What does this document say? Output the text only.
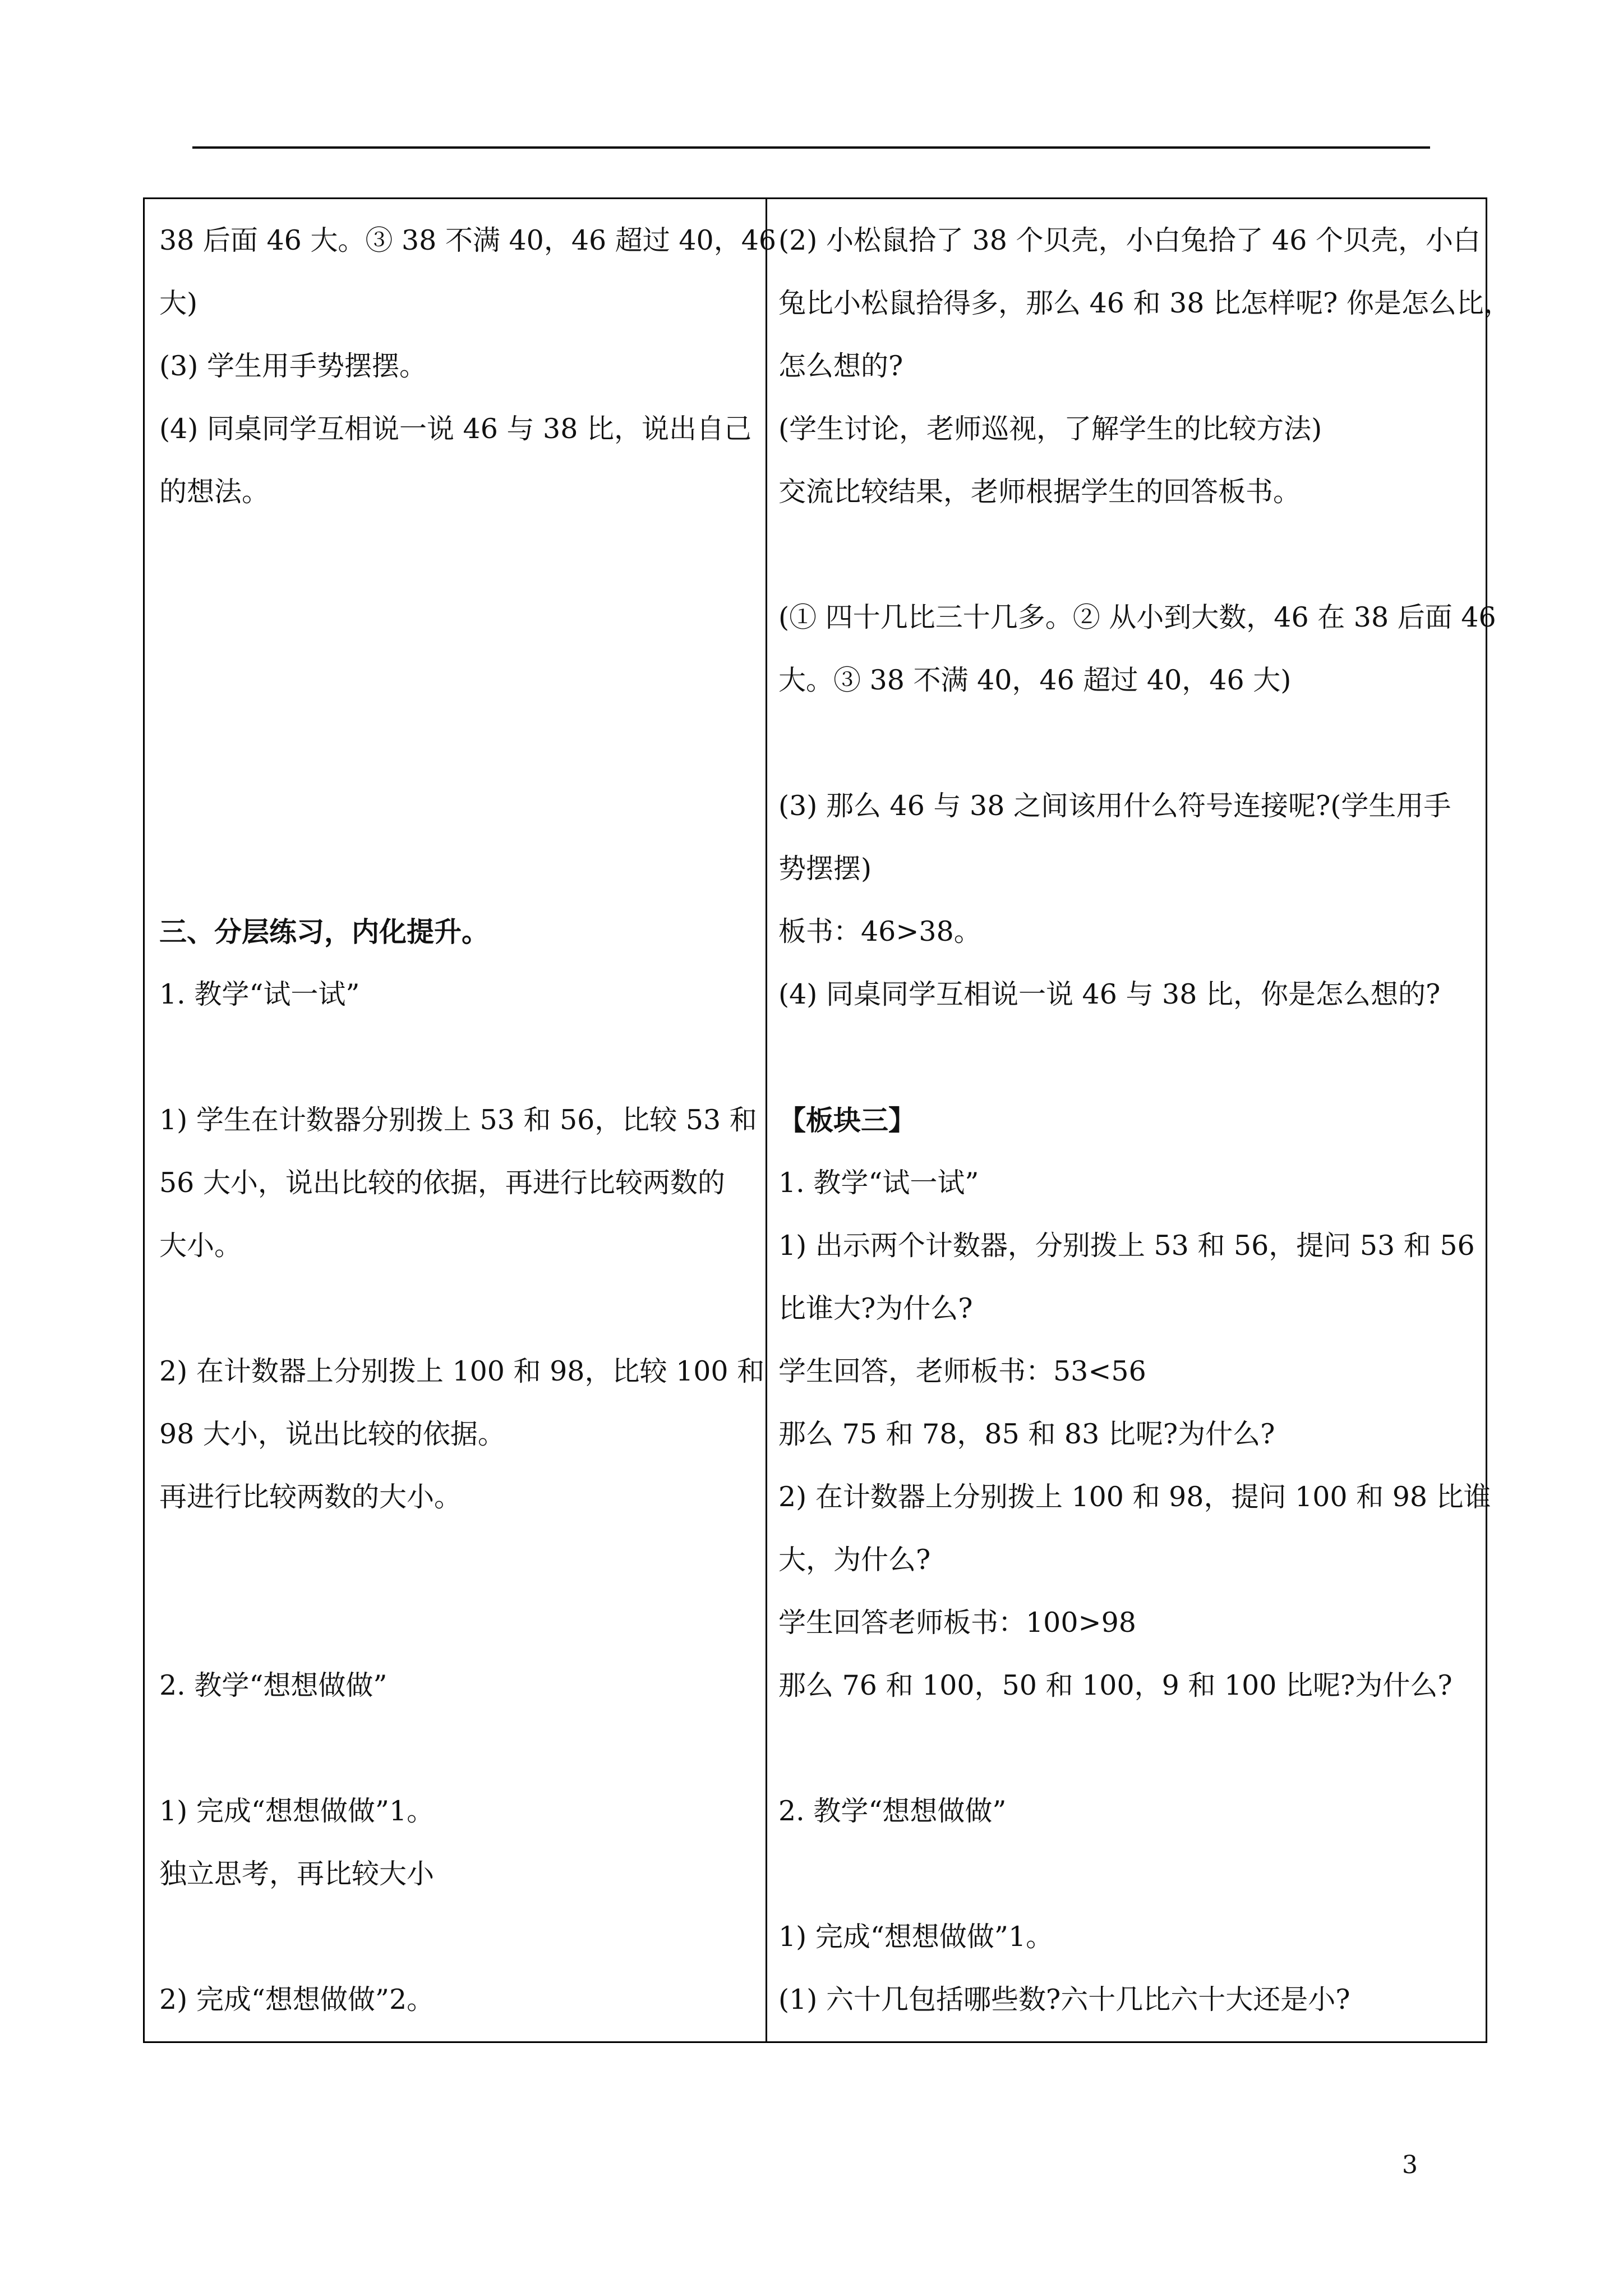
38 后面 46 大。③ 38 不满 40，46 超过 40，46
大)
(3) 学生用手势摆摆。
(4) 同桌同学互相说一说 46 与 38 比，说出自己
的想法。
三、分层练习，内化提升。
1. 教学“试一试”
1) 学生在计数器分别拨上 53 和 56，比较 53 和
56 大小，说出比较的依据，再进行比较两数的
大小。
2) 在计数器上分别拨上 100 和 98，比较 100 和
98 大小，说出比较的依据。
再进行比较两数的大小。
2. 教学“想想做做”
1) 完成“想想做做”1。
独立思考，再比较大小
2) 完成“想想做做”2。
(2) 小松鼠拾了 38 个贝壳，小白兔拾了 46 个贝壳，小白
兔比小松鼠拾得多，那么 46 和 38 比怎样呢? 你是怎么比，
怎么想的?
(学生讨论，老师巡视，了解学生的比较方法)
交流比较结果，老师根据学生的回答板书。
(① 四十几比三十几多。② 从小到大数，46 在 38 后面 46
大。③ 38 不满 40，46 超过 40，46 大)
(3) 那么 46 与 38 之间该用什么符号连接呢?(学生用手
势摆摆)
板书：46>38。
(4) 同桌同学互相说一说 46 与 38 比，你是怎么想的?
【板块三】
1. 教学“试一试”
1) 出示两个计数器，分别拨上 53 和 56，提问 53 和 56
比谁大?为什么?
学生回答，老师板书：53<56
那么 75 和 78，85 和 83 比呢?为什么?
2) 在计数器上分别拨上 100 和 98，提问 100 和 98 比谁
大，为什么?
学生回答老师板书：100>98
那么 76 和 100，50 和 100，9 和 100 比呢?为什么?
2. 教学“想想做做”
1) 完成“想想做做”1。
(1) 六十几包括哪些数?六十几比六十大还是小?
3
